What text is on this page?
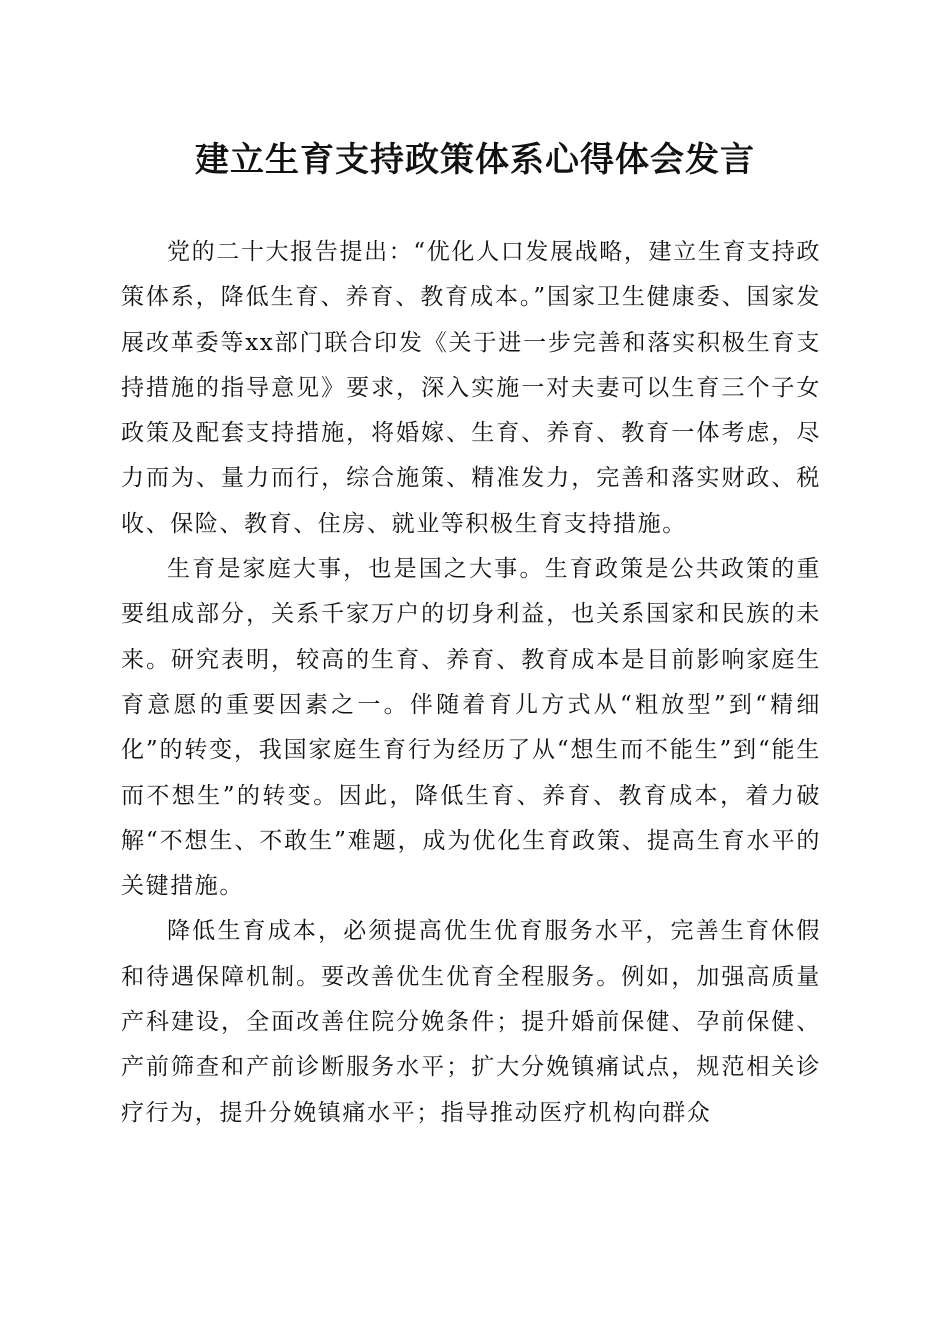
建立生育支持政策体系心得体会发言

党的二十大报告提出：“优化人口发展战略，建立生育支持政策体系，降低生育、养育、教育成本。”国家卫生健康委、国家发展改革委等xx部门联合印发《关于进一步完善和落实积极生育支持措施的指导意见》要求，深入实施一对夫妻可以生育三个子女政策及配套支持措施，将婚嫁、生育、养育、教育一体考虑，尽力而为、量力而行，综合施策、精准发力，完善和落实财政、税收、保险、教育、住房、就业等积极生育支持措施。

生育是家庭大事，也是国之大事。生育政策是公共政策的重要组成部分，关系千家万户的切身利益，也关系国家和民族的未来。研究表明，较高的生育、养育、教育成本是目前影响家庭生育意愿的重要因素之一。伴随着育儿方式从“粗放型”到“精细化”的转变，我国家庭生育行为经历了从“想生而不能生”到“能生而不想生”的转变。因此，降低生育、养育、教育成本，着力破解“不想生、不敢生”难题，成为优化生育政策、提高生育水平的关键措施。

降低生育成本，必须提高优生优育服务水平，完善生育休假和待遇保障机制。要改善优生优育全程服务。例如，加强高质量产科建设，全面改善住院分娩条件；提升婚前保健、孕前保健、产前筛查和产前诊断服务水平；扩大分娩镇痛试点，规范相关诊疗行为，提升分娩镇痛水平；指导推动医疗机构向群众
